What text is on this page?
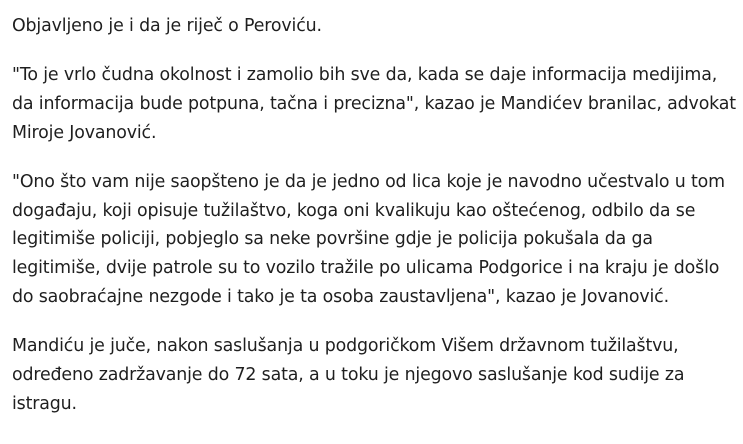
Objavljeno je i da je riječ o Peroviću.

"To je vrlo čudna okolnost i zamolio bih sve da, kada se daje informacija medijima, da informacija bude potpuna, tačna i precizna", kazao je Mandićev branilac, advokat Miroje Jovanović.

"Ono što vam nije saopšteno je da je jedno od lica koje je navodno učestvalo u tom događaju, koji opisuje tužilaštvo, koga oni kvalikuju kao oštećenog, odbilo da se legitimiše policiji, pobjeglo sa neke površine gdje je policija pokušala da ga legitimiše, dvije patrole su to vozilo tražile po ulicama Podgorice i na kraju je došlo do saobraćajne nezgode i tako je ta osoba zaustavljena", kazao je Jovanović.

Mandiću je juče, nakon saslušanja u podgoričkom Višem državnom tužilaštvu, određeno zadržavanje do 72 sata, a u toku je njegovo saslušanje kod sudije za istragu.
